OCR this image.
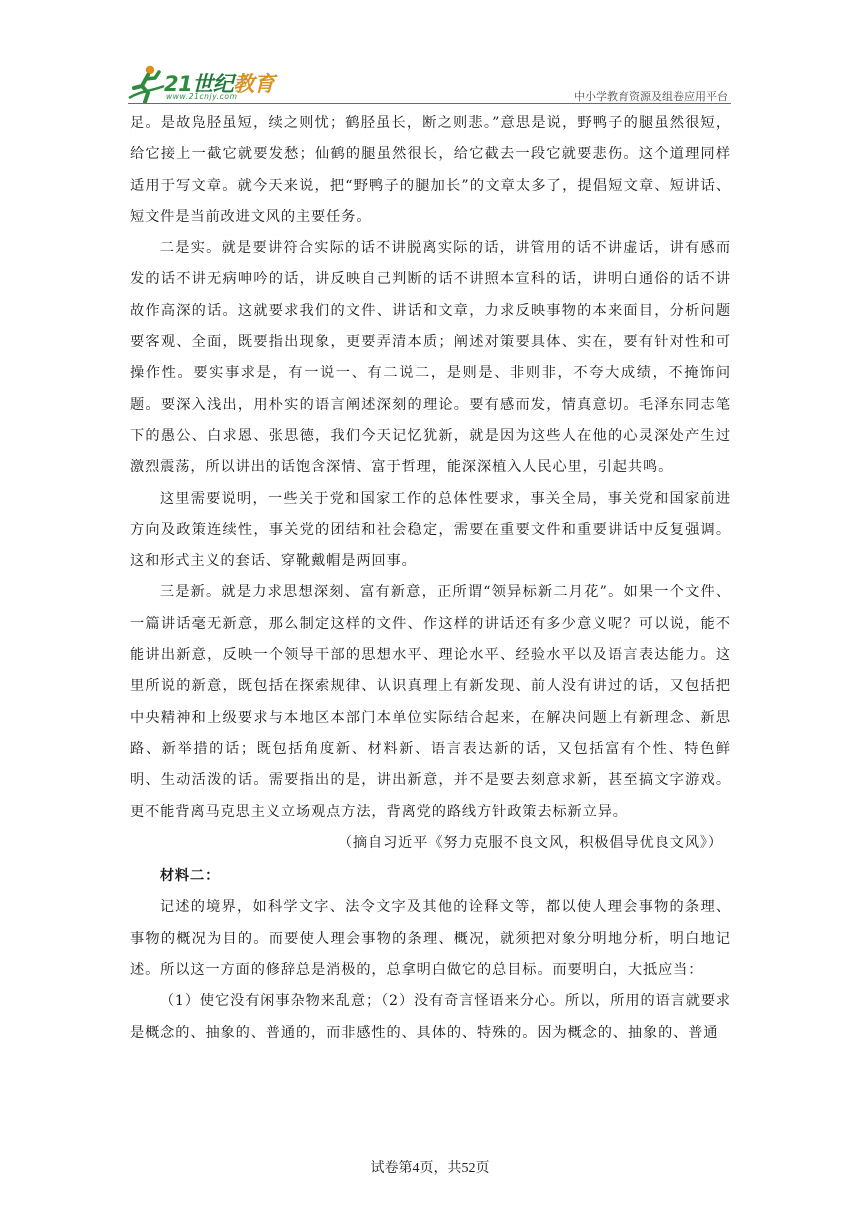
21世纪教育
www.21cnjy.com	中小学教育资源及组卷应用平台

足。是故凫胫虽短，续之则忧；鹤胫虽长，断之则悲。”意思是说，野鸭子的腿虽然很短，给它接上一截它就要发愁；仙鹤的腿虽然很长，给它截去一段它就要悲伤。这个道理同样适用于写文章。就今天来说，把“野鸭子的腿加长”的文章太多了，提倡短文章、短讲话、短文件是当前改进文风的主要任务。

二是实。就是要讲符合实际的话不讲脱离实际的话，讲管用的话不讲虚话，讲有感而发的话不讲无病呻吟的话，讲反映自己判断的话不讲照本宣科的话，讲明白通俗的话不讲故作高深的话。这就要求我们的文件、讲话和文章，力求反映事物的本来面目，分析问题要客观、全面，既要指出现象，更要弄清本质；阐述对策要具体、实在，要有针对性和可操作性。要实事求是，有一说一、有二说二，是则是、非则非，不夸大成绩，不掩饰问题。要深入浅出，用朴实的语言阐述深刻的理论。要有感而发，情真意切。毛泽东同志笔下的愚公、白求恩、张思德，我们今天记忆犹新，就是因为这些人在他的心灵深处产生过激烈震荡，所以讲出的话饱含深情、富于哲理，能深深植入人民心里，引起共鸣。

这里需要说明，一些关于党和国家工作的总体性要求，事关全局，事关党和国家前进方向及政策连续性，事关党的团结和社会稳定，需要在重要文件和重要讲话中反复强调。这和形式主义的套话、穿靴戴帽是两回事。

三是新。就是力求思想深刻、富有新意，正所谓“领异标新二月花”。如果一个文件、一篇讲话毫无新意，那么制定这样的文件、作这样的讲话还有多少意义呢？可以说，能不能讲出新意，反映一个领导干部的思想水平、理论水平、经验水平以及语言表达能力。这里所说的新意，既包括在探索规律、认识真理上有新发现、前人没有讲过的话，又包括把中央精神和上级要求与本地区本部门本单位实际结合起来，在解决问题上有新理念、新思路、新举措的话；既包括角度新、材料新、语言表达新的话，又包括富有个性、特色鲜明、生动活泼的话。需要指出的是，讲出新意，并不是要去刻意求新，甚至搞文字游戏。更不能背离马克思主义立场观点方法，背离党的路线方针政策去标新立异。

（摘自习近平《努力克服不良文风，积极倡导优良文风》）

材料二：

记述的境界，如科学文字、法令文字及其他的诠释文等，都以使人理会事物的条理、事物的概况为目的。而要使人理会事物的条理、概况，就须把对象分明地分析，明白地记述。所以这一方面的修辞总是消极的，总拿明白做它的总目标。而要明白，大抵应当：

（1）使它没有闲事杂物来乱意；（2）没有奇言怪语来分心。所以，所用的语言就要求是概念的、抽象的、普通的，而非感性的、具体的、特殊的。因为概念的、抽象的、普通

试卷第4页，共52页
